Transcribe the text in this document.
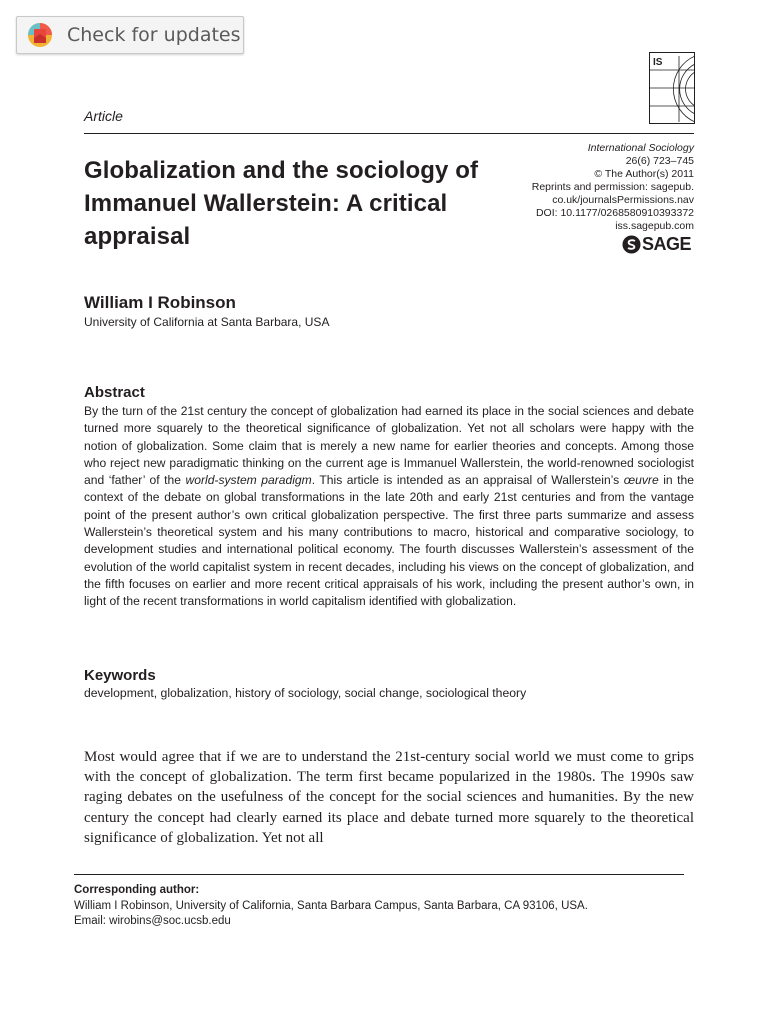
Check for updates
IS
Article
Globalization and the sociology of Immanuel Wallerstein: A critical appraisal
International Sociology
26(6) 723–745
© The Author(s) 2011
Reprints and permission: sagepub.
co.uk/journalsPermissions.nav
DOI: 10.1177/0268580910393372
iss.sagepub.com
SAGE
William I Robinson
University of California at Santa Barbara, USA
Abstract
By the turn of the 21st century the concept of globalization had earned its place in the social sciences and debate turned more squarely to the theoretical significance of globalization. Yet not all scholars were happy with the notion of globalization. Some claim that is merely a new name for earlier theories and concepts. Among those who reject new paradigmatic thinking on the current age is Immanuel Wallerstein, the world-renowned sociologist and ‘father’ of the world-system paradigm. This article is intended as an appraisal of Wallerstein’s œuvre in the context of the debate on global transformations in the late 20th and early 21st centuries and from the vantage point of the present author’s own critical globalization perspective. The first three parts summarize and assess Wallerstein’s theoretical system and his many contributions to macro, historical and comparative sociology, to development studies and international political economy. The fourth discusses Wallerstein’s assessment of the evolution of the world capitalist system in recent decades, including his views on the concept of globalization, and the fifth focuses on earlier and more recent critical appraisals of his work, including the present author’s own, in light of the recent transformations in world capitalism identified with globalization.
Keywords
development, globalization, history of sociology, social change, sociological theory
Most would agree that if we are to understand the 21st-century social world we must come to grips with the concept of globalization. The term first became popularized in the 1980s. The 1990s saw raging debates on the usefulness of the concept for the social sciences and humanities. By the new century the concept had clearly earned its place and debate turned more squarely to the theoretical significance of globalization. Yet not all
Corresponding author:
William I Robinson, University of California, Santa Barbara Campus, Santa Barbara, CA 93106, USA.
Email: wirobins@soc.ucsb.edu
